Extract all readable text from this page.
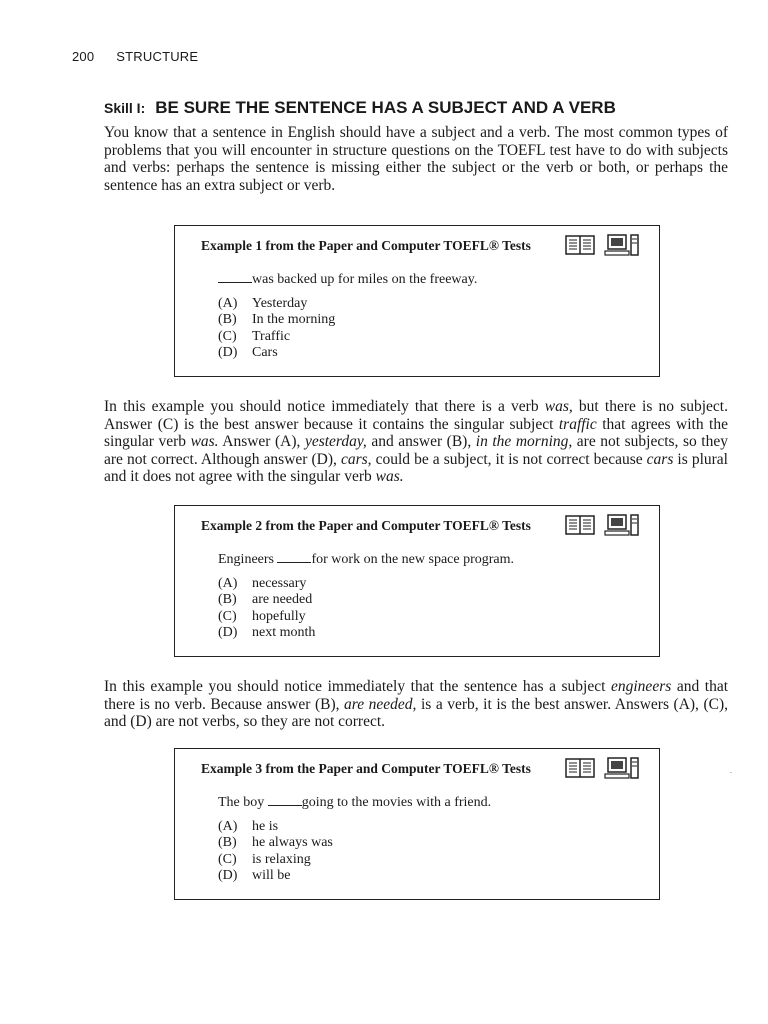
200 STRUCTURE
Skill I: BE SURE THE SENTENCE HAS A SUBJECT AND A VERB

You know that a sentence in English should have a subject and a verb. The most common types of problems that you will encounter in structure questions on the TOEFL test have to do with subjects and verbs: perhaps the sentence is missing either the subject or the verb or both, or perhaps the sentence has an extra subject or verb.

Example 1 from the Paper and Computer TOEFL® Tests
was backed up for miles on the freeway.
(A) Yesterday
(B) In the morning
(C) Traffic
(D) Cars

In this example you should notice immediately that there is a verb was, but there is no subject. Answer (C) is the best answer because it contains the singular subject traffic that agrees with the singular verb was. Answer (A), yesterday, and answer (B), in the morning, are not subjects, so they are not correct. Although answer (D), cars, could be a subject, it is not correct because cars is plural and it does not agree with the singular verb was.

Example 2 from the Paper and Computer TOEFL® Tests
Engineers	for work on the new space program.
(A) necessary
(B) are needed
(C) hopefully
(D) next month

In this example you should notice immediately that the sentence has a subject engineers and that there is no verb. Because answer (B), are needed, is a verb, it is the best answer. Answers (A), (C), and (D) are not verbs, so they are not correct.

Example 3 from the Paper and Computer TOEFL® Tests
The boy	going to the movies with a friend.
(A) he is
(B) he always was
(C) is relaxing
(D) will be
·
